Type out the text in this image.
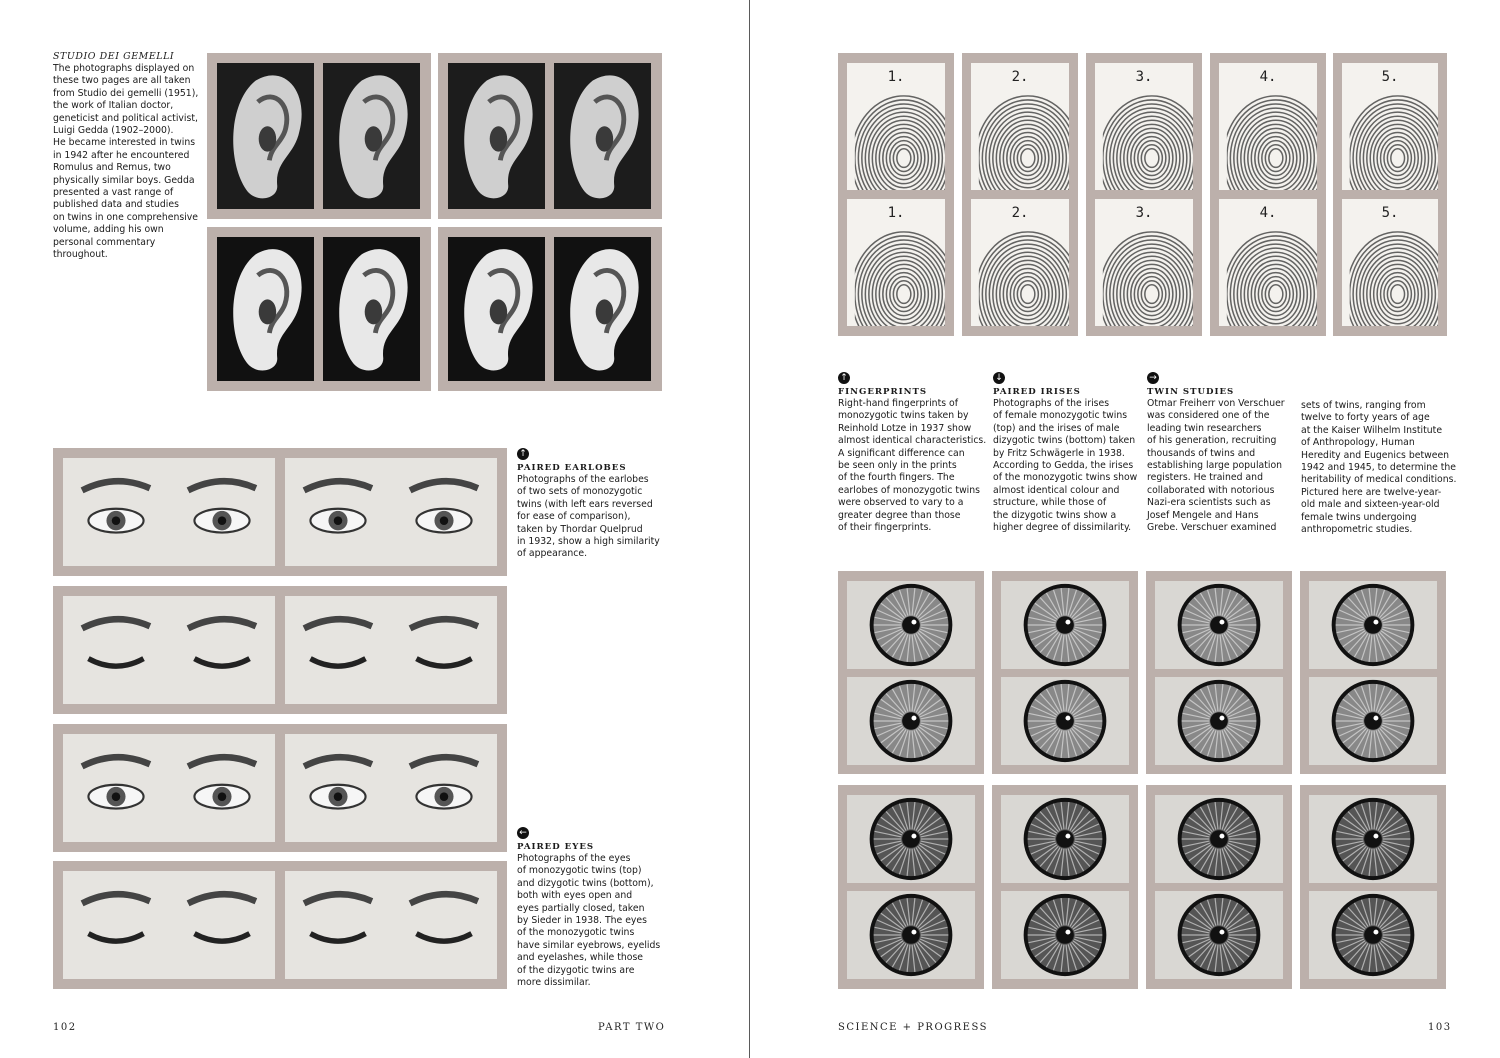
STUDIO DEI GEMELLI

The photographs displayed on

these two pages are all taken

from Studio dei gemelli (1951),

the work of Italian doctor,

geneticist and political activist,

Luigi Gedda (1902–2000).

He became interested in twins

in 1942 after he encountered

Romulus and Remus, two

physically similar boys. Gedda

presented a vast range of

published data and studies

on twins in one comprehensive

volume, adding his own

personal commentary

throughout.

↑
PAIRED EARLOBES

Photographs of the earlobes

of two sets of monozygotic

twins (with left ears reversed

for ease of comparison),

taken by Thordar Quelprud

in 1932, show a high similarity

of appearance.

←
PAIRED EYES

Photographs of the eyes

of monozygotic twins (top)

and dizygotic twins (bottom),

both with eyes open and

eyes partially closed, taken

by Sieder in 1938. The eyes

of the monozygotic twins

have similar eyebrows, eyelids

and eyelashes, while those

of the dizygotic twins are

more dissimilar.

102	PART TWO
1.
1.
2.
2.
3.
3.
4.
4.
5.
5.
↑
FINGERPRINTS

Right-hand fingerprints of

monozygotic twins taken by

Reinhold Lotze in 1937 show

almost identical characteristics.

A significant difference can

be seen only in the prints

of the fourth fingers. The

earlobes of monozygotic twins

were observed to vary to a

greater degree than those

of their fingerprints.

↓
PAIRED IRISES

Photographs of the irises

of female monozygotic twins

(top) and the irises of male

dizygotic twins (bottom) taken

by Fritz Schwägerle in 1938.

According to Gedda, the irises

of the monozygotic twins show

almost identical colour and

structure, while those of

the dizygotic twins show a

higher degree of dissimilarity.

→
TWIN STUDIES

Otmar Freiherr von Verschuer

was considered one of the

leading twin researchers

of his generation, recruiting

thousands of twins and

establishing large population

registers. He trained and

collaborated with notorious

Nazi-era scientists such as

Josef Mengele and Hans

Grebe. Verschuer examined

sets of twins, ranging from

twelve to forty years of age

at the Kaiser Wilhelm Institute

of Anthropology, Human

Heredity and Eugenics between

1942 and 1945, to determine the

heritability of medical conditions.

Pictured here are twelve-year-

old male and sixteen-year-old

female twins undergoing

anthropometric studies.

SCIENCE + PROGRESS	103
